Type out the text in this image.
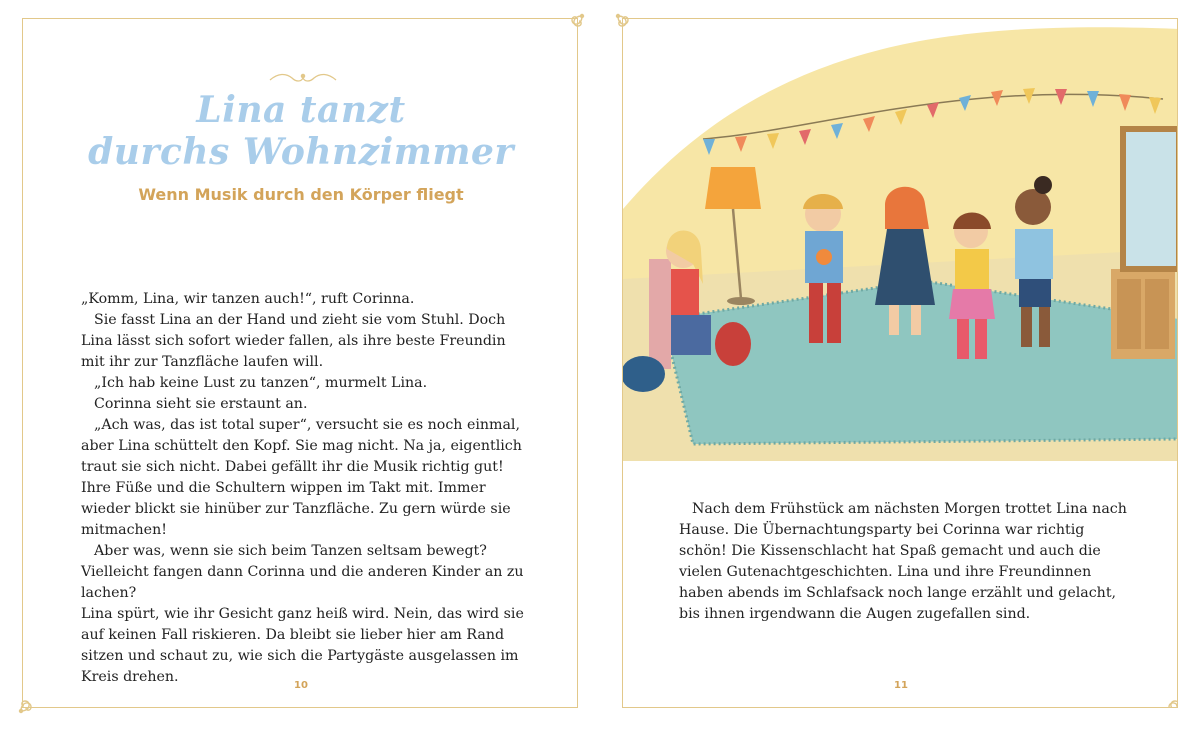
Lina tanzt
durchs Wohnzimmer
Wenn Musik durch den Körper fliegt

„Komm, Lina, wir tanzen auch!“, ruft Corinna.

Sie fasst Lina an der Hand und zieht sie vom Stuhl. Doch Lina lässt sich sofort wieder fallen, als ihre beste Freundin mit ihr zur Tanzfläche laufen will.

„Ich hab keine Lust zu tanzen“, murmelt Lina.

Corinna sieht sie erstaunt an.

„Ach was, das ist total super“, versucht sie es noch einmal, aber Lina schüttelt den Kopf. Sie mag nicht. Na ja, eigentlich traut sie sich nicht. Dabei gefällt ihr die Musik richtig gut! Ihre Füße und die Schultern wippen im Takt mit. Immer wieder blickt sie hinüber zur Tanzfläche. Zu gern würde sie mitmachen!

Aber was, wenn sie sich beim Tanzen seltsam bewegt? Vielleicht fangen dann Corinna und die anderen Kinder an zu lachen?

Lina spürt, wie ihr Gesicht ganz heiß wird. Nein, das wird sie auf keinen Fall riskieren. Da bleibt sie lieber hier am Rand sitzen und schaut zu, wie sich die Partygäste ausgelassen im Kreis drehen.

10

Nach dem Frühstück am nächsten Morgen trottet Lina nach Hause. Die Übernachtungsparty bei Corinna war richtig schön! Die Kissenschlacht hat Spaß gemacht und auch die vielen Gutenachtgeschichten. Lina und ihre Freundinnen haben abends im Schlafsack noch lange erzählt und gelacht, bis ihnen irgendwann die Augen zugefallen sind.

11
